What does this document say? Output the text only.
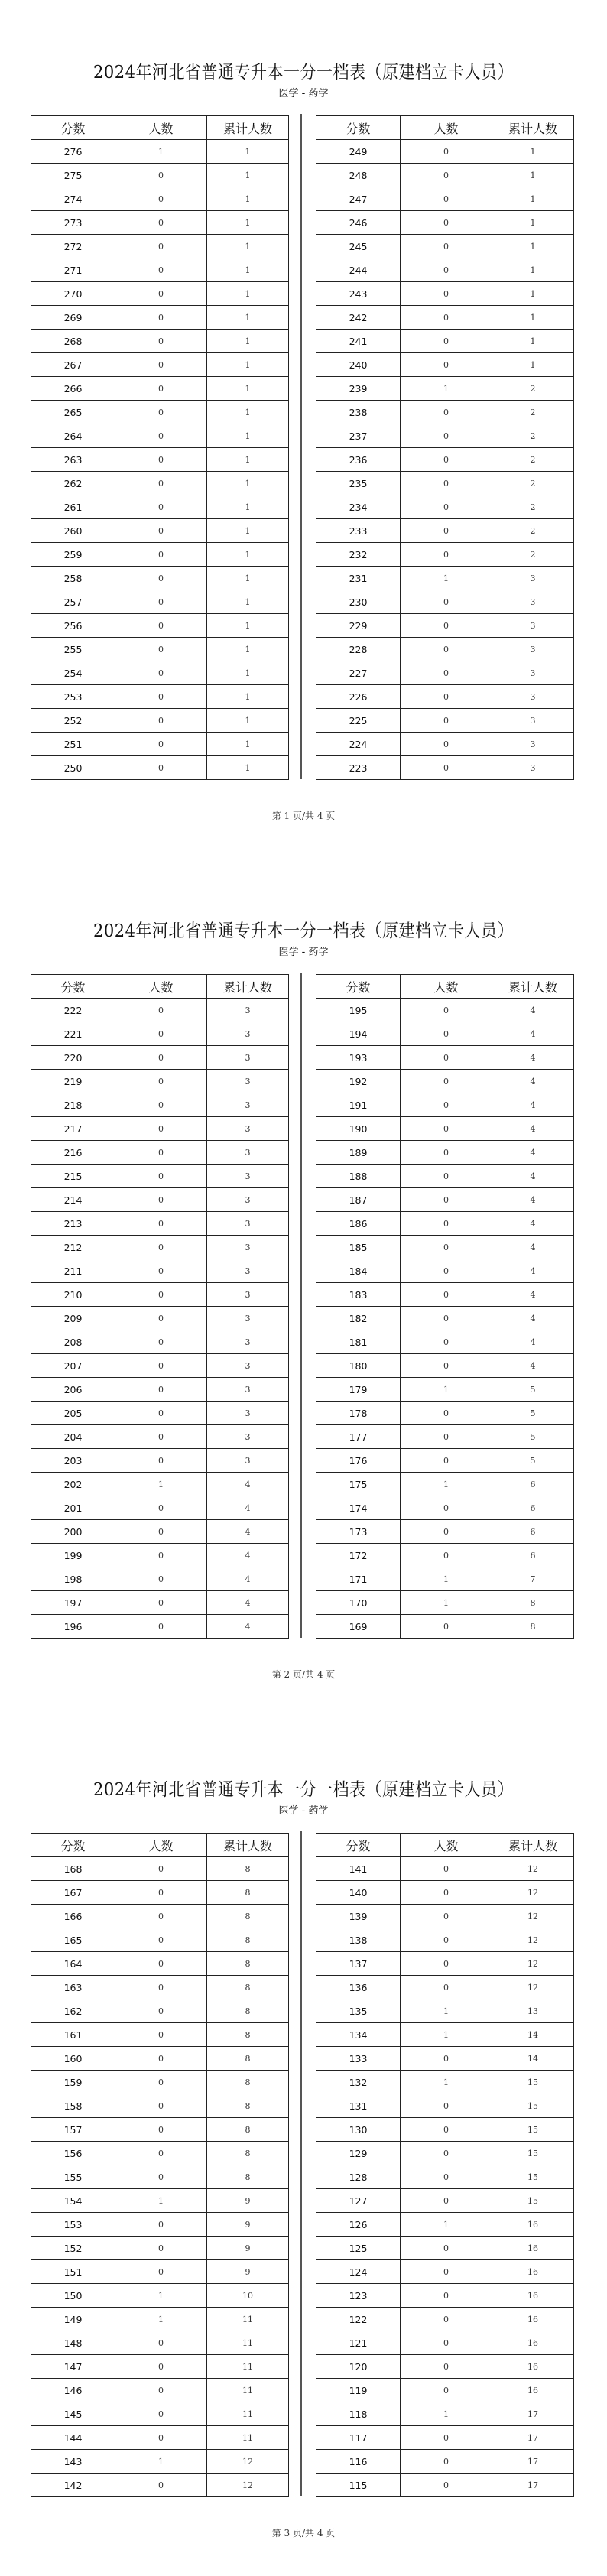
2024年河北省普通专升本一分一档表（原建档立卡人员）
医学 - 药学
分数	人数	累计人数
276	1	1
275	0	1
274	0	1
273	0	1
272	0	1
271	0	1
270	0	1
269	0	1
268	0	1
267	0	1
266	0	1
265	0	1
264	0	1
263	0	1
262	0	1
261	0	1
260	0	1
259	0	1
258	0	1
257	0	1
256	0	1
255	0	1
254	0	1
253	0	1
252	0	1
251	0	1
250	0	1
分数	人数	累计人数
249	0	1
248	0	1
247	0	1
246	0	1
245	0	1
244	0	1
243	0	1
242	0	1
241	0	1
240	0	1
239	1	2
238	0	2
237	0	2
236	0	2
235	0	2
234	0	2
233	0	2
232	0	2
231	1	3
230	0	3
229	0	3
228	0	3
227	0	3
226	0	3
225	0	3
224	0	3
223	0	3
第 1 页/共 4 页
2024年河北省普通专升本一分一档表（原建档立卡人员）
医学 - 药学
分数	人数	累计人数
222	0	3
221	0	3
220	0	3
219	0	3
218	0	3
217	0	3
216	0	3
215	0	3
214	0	3
213	0	3
212	0	3
211	0	3
210	0	3
209	0	3
208	0	3
207	0	3
206	0	3
205	0	3
204	0	3
203	0	3
202	1	4
201	0	4
200	0	4
199	0	4
198	0	4
197	0	4
196	0	4
分数	人数	累计人数
195	0	4
194	0	4
193	0	4
192	0	4
191	0	4
190	0	4
189	0	4
188	0	4
187	0	4
186	0	4
185	0	4
184	0	4
183	0	4
182	0	4
181	0	4
180	0	4
179	1	5
178	0	5
177	0	5
176	0	5
175	1	6
174	0	6
173	0	6
172	0	6
171	1	7
170	1	8
169	0	8
第 2 页/共 4 页
2024年河北省普通专升本一分一档表（原建档立卡人员）
医学 - 药学
分数	人数	累计人数
168	0	8
167	0	8
166	0	8
165	0	8
164	0	8
163	0	8
162	0	8
161	0	8
160	0	8
159	0	8
158	0	8
157	0	8
156	0	8
155	0	8
154	1	9
153	0	9
152	0	9
151	0	9
150	1	10
149	1	11
148	0	11
147	0	11
146	0	11
145	0	11
144	0	11
143	1	12
142	0	12
分数	人数	累计人数
141	0	12
140	0	12
139	0	12
138	0	12
137	0	12
136	0	12
135	1	13
134	1	14
133	0	14
132	1	15
131	0	15
130	0	15
129	0	15
128	0	15
127	0	15
126	1	16
125	0	16
124	0	16
123	0	16
122	0	16
121	0	16
120	0	16
119	0	16
118	1	17
117	0	17
116	0	17
115	0	17
第 3 页/共 4 页
